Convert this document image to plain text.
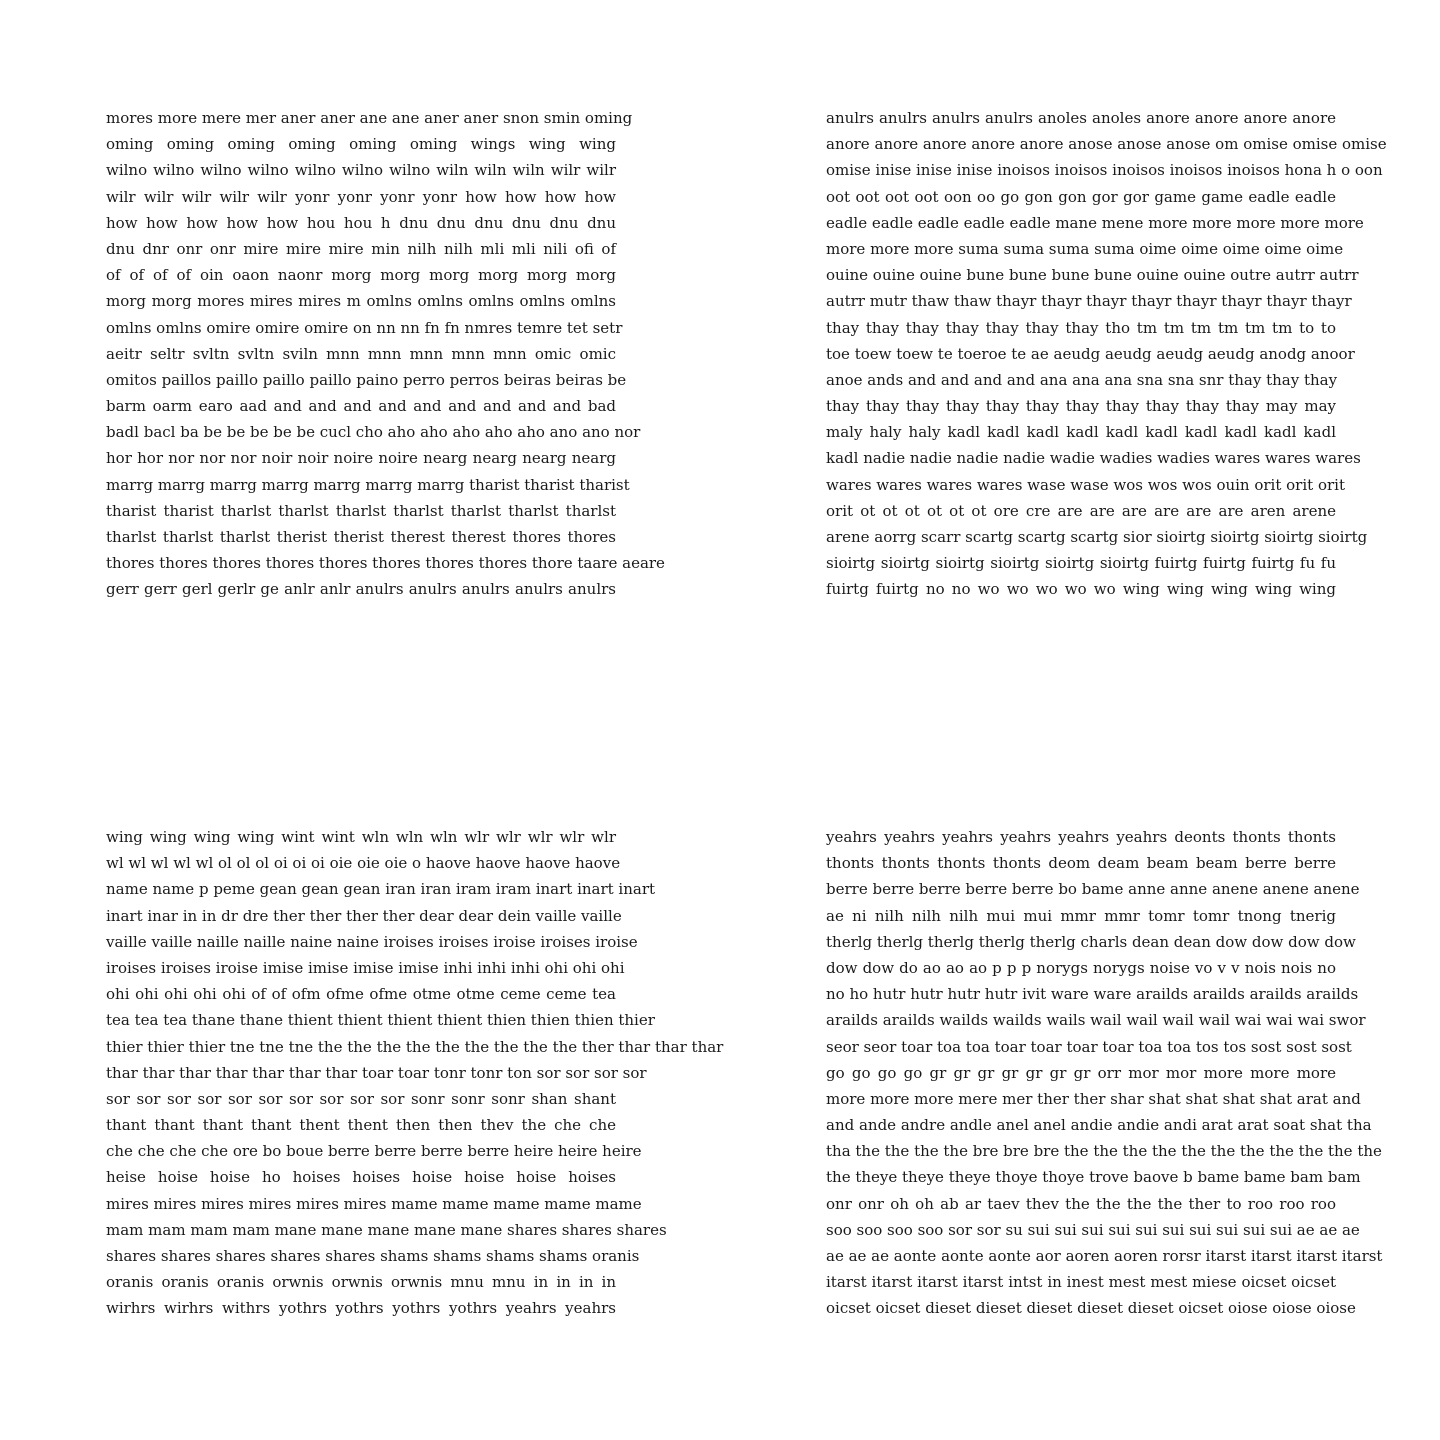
mores more mere mer aner aner ane ane aner aner snon smin oming
oming oming oming oming oming oming wings wing wing
wilno wilno wilno wilno wilno wilno wilno wiln wiln wiln wilr wilr
wilr wilr wilr wilr wilr yonr yonr yonr yonr how how how how
how how how how how hou hou h dnu dnu dnu dnu dnu dnu
dnu dnr onr onr mire mire mire min nilh nilh mli mli nili ofi of
of of of of oin oaon naonr morg morg morg morg morg morg
morg morg mores mires mires m omlns omlns omlns omlns omlns
omlns omlns omire omire omire on nn nn fn fn nmres temre tet setr
aeitr seltr svltn svltn sviln mnn mnn mnn mnn mnn omic omic
omitos paillos paillo paillo paillo paino perro perros beiras beiras be
barm oarm earo aad and and and and and and and and and bad
badl bacl ba be be be be be cucl cho aho aho aho aho aho ano ano nor
hor hor nor nor nor noir noir noire noire nearg nearg nearg nearg
marrg marrg marrg marrg marrg marrg marrg tharist tharist tharist
tharist tharist tharlst tharlst tharlst tharlst tharlst tharlst tharlst
tharlst tharlst tharlst therist therist therest therest thores thores
thores thores thores thores thores thores thores thores thore taare aeare
gerr gerr gerl gerlr ge anlr anlr anulrs anulrs anulrs anulrs anulrs
anulrs anulrs anulrs anulrs anoles anoles anore anore anore anore
anore anore anore anore anore anose anose anose om omise omise omise
omise inise inise inise inoisos inoisos inoisos inoisos inoisos hona h o oon
oot oot oot oot oon oo go gon gon gor gor game game eadle eadle
eadle eadle eadle eadle eadle mane mene more more more more more
more more more suma suma suma suma oime oime oime oime oime
ouine ouine ouine bune bune bune bune ouine ouine outre autrr autrr
autrr mutr thaw thaw thayr thayr thayr thayr thayr thayr thayr thayr
thay thay thay thay thay thay thay tho tm tm tm tm tm tm to to
toe toew toew te toeroe te ae aeudg aeudg aeudg aeudg anodg anoor
anoe ands and and and and ana ana ana sna sna snr thay thay thay
thay thay thay thay thay thay thay thay thay thay thay may may
maly haly haly kadl kadl kadl kadl kadl kadl kadl kadl kadl kadl
kadl nadie nadie nadie nadie wadie wadies wadies wares wares wares
wares wares wares wares wase wase wos wos wos ouin orit orit orit
orit ot ot ot ot ot ot ore cre are are are are are are aren arene
arene aorrg scarr scartg scartg scartg sior sioirtg sioirtg sioirtg sioirtg
sioirtg sioirtg sioirtg sioirtg sioirtg sioirtg fuirtg fuirtg fuirtg fu fu
fuirtg fuirtg no no wo wo wo wo wo wing wing wing wing wing
wing wing wing wing wint wint wln wln wln wlr wlr wlr wlr wlr
wl wl wl wl wl ol ol ol oi oi oi oie oie oie o haove haove haove haove
name name p peme gean gean gean iran iran iram iram inart inart inart
inart inar in in dr dre ther ther ther ther dear dear dein vaille vaille
vaille vaille naille naille naine naine iroises iroises iroise iroises iroise
iroises iroises iroise imise imise imise imise inhi inhi inhi ohi ohi ohi
ohi ohi ohi ohi ohi of of ofm ofme ofme otme otme ceme ceme tea
tea tea tea thane thane thient thient thient thient thien thien thien thier
thier thier thier tne tne tne the the the the the the the the the ther thar thar thar
thar thar thar thar thar thar thar toar toar tonr tonr ton sor sor sor sor
sor sor sor sor sor sor sor sor sor sor sonr sonr sonr shan shant
thant thant thant thant thent thent then then thev the che che
che che che che ore bo boue berre berre berre berre heire heire heire
heise hoise hoise ho hoises hoises hoise hoise hoise hoises
mires mires mires mires mires mires mame mame mame mame mame
mam mam mam mam mane mane mane mane mane shares shares shares
shares shares shares shares shares shams shams shams shams oranis
oranis oranis oranis orwnis orwnis orwnis mnu mnu in in in in
wirhrs wirhrs withrs yothrs yothrs yothrs yothrs yeahrs yeahrs
yeahrs yeahrs yeahrs yeahrs yeahrs yeahrs deonts thonts thonts
thonts thonts thonts thonts deom deam beam beam berre berre
berre berre berre berre berre bo bame anne anne anene anene anene
ae ni nilh nilh nilh mui mui mmr mmr tomr tomr tnong tnerig
therlg therlg therlg therlg therlg charls dean dean dow dow dow dow
dow dow do ao ao ao p p p norygs norygs noise vo v v nois nois no
no ho hutr hutr hutr hutr ivit ware ware arailds arailds arailds arailds
arailds arailds wailds wailds wails wail wail wail wail wai wai wai swor
seor seor toar toa toa toar toar toar toar toa toa tos tos sost sost sost
go go go go gr gr gr gr gr gr gr orr mor mor more more more
more more more mere mer ther ther shar shat shat shat shat arat and
and ande andre andle anel anel andie andie andi arat arat soat shat tha
tha the the the the bre bre bre the the the the the the the the the the the
the theye theye theye thoye thoye trove baove b bame bame bam bam
onr onr oh oh ab ar taev thev the the the the ther to roo roo roo
soo soo soo soo sor sor su sui sui sui sui sui sui sui sui sui sui ae ae ae
ae ae ae aonte aonte aonte aor aoren aoren rorsr itarst itarst itarst itarst
itarst itarst itarst itarst intst in inest mest mest miese oicset oicset
oicset oicset dieset dieset dieset dieset dieset oicset oiose oiose oiose
